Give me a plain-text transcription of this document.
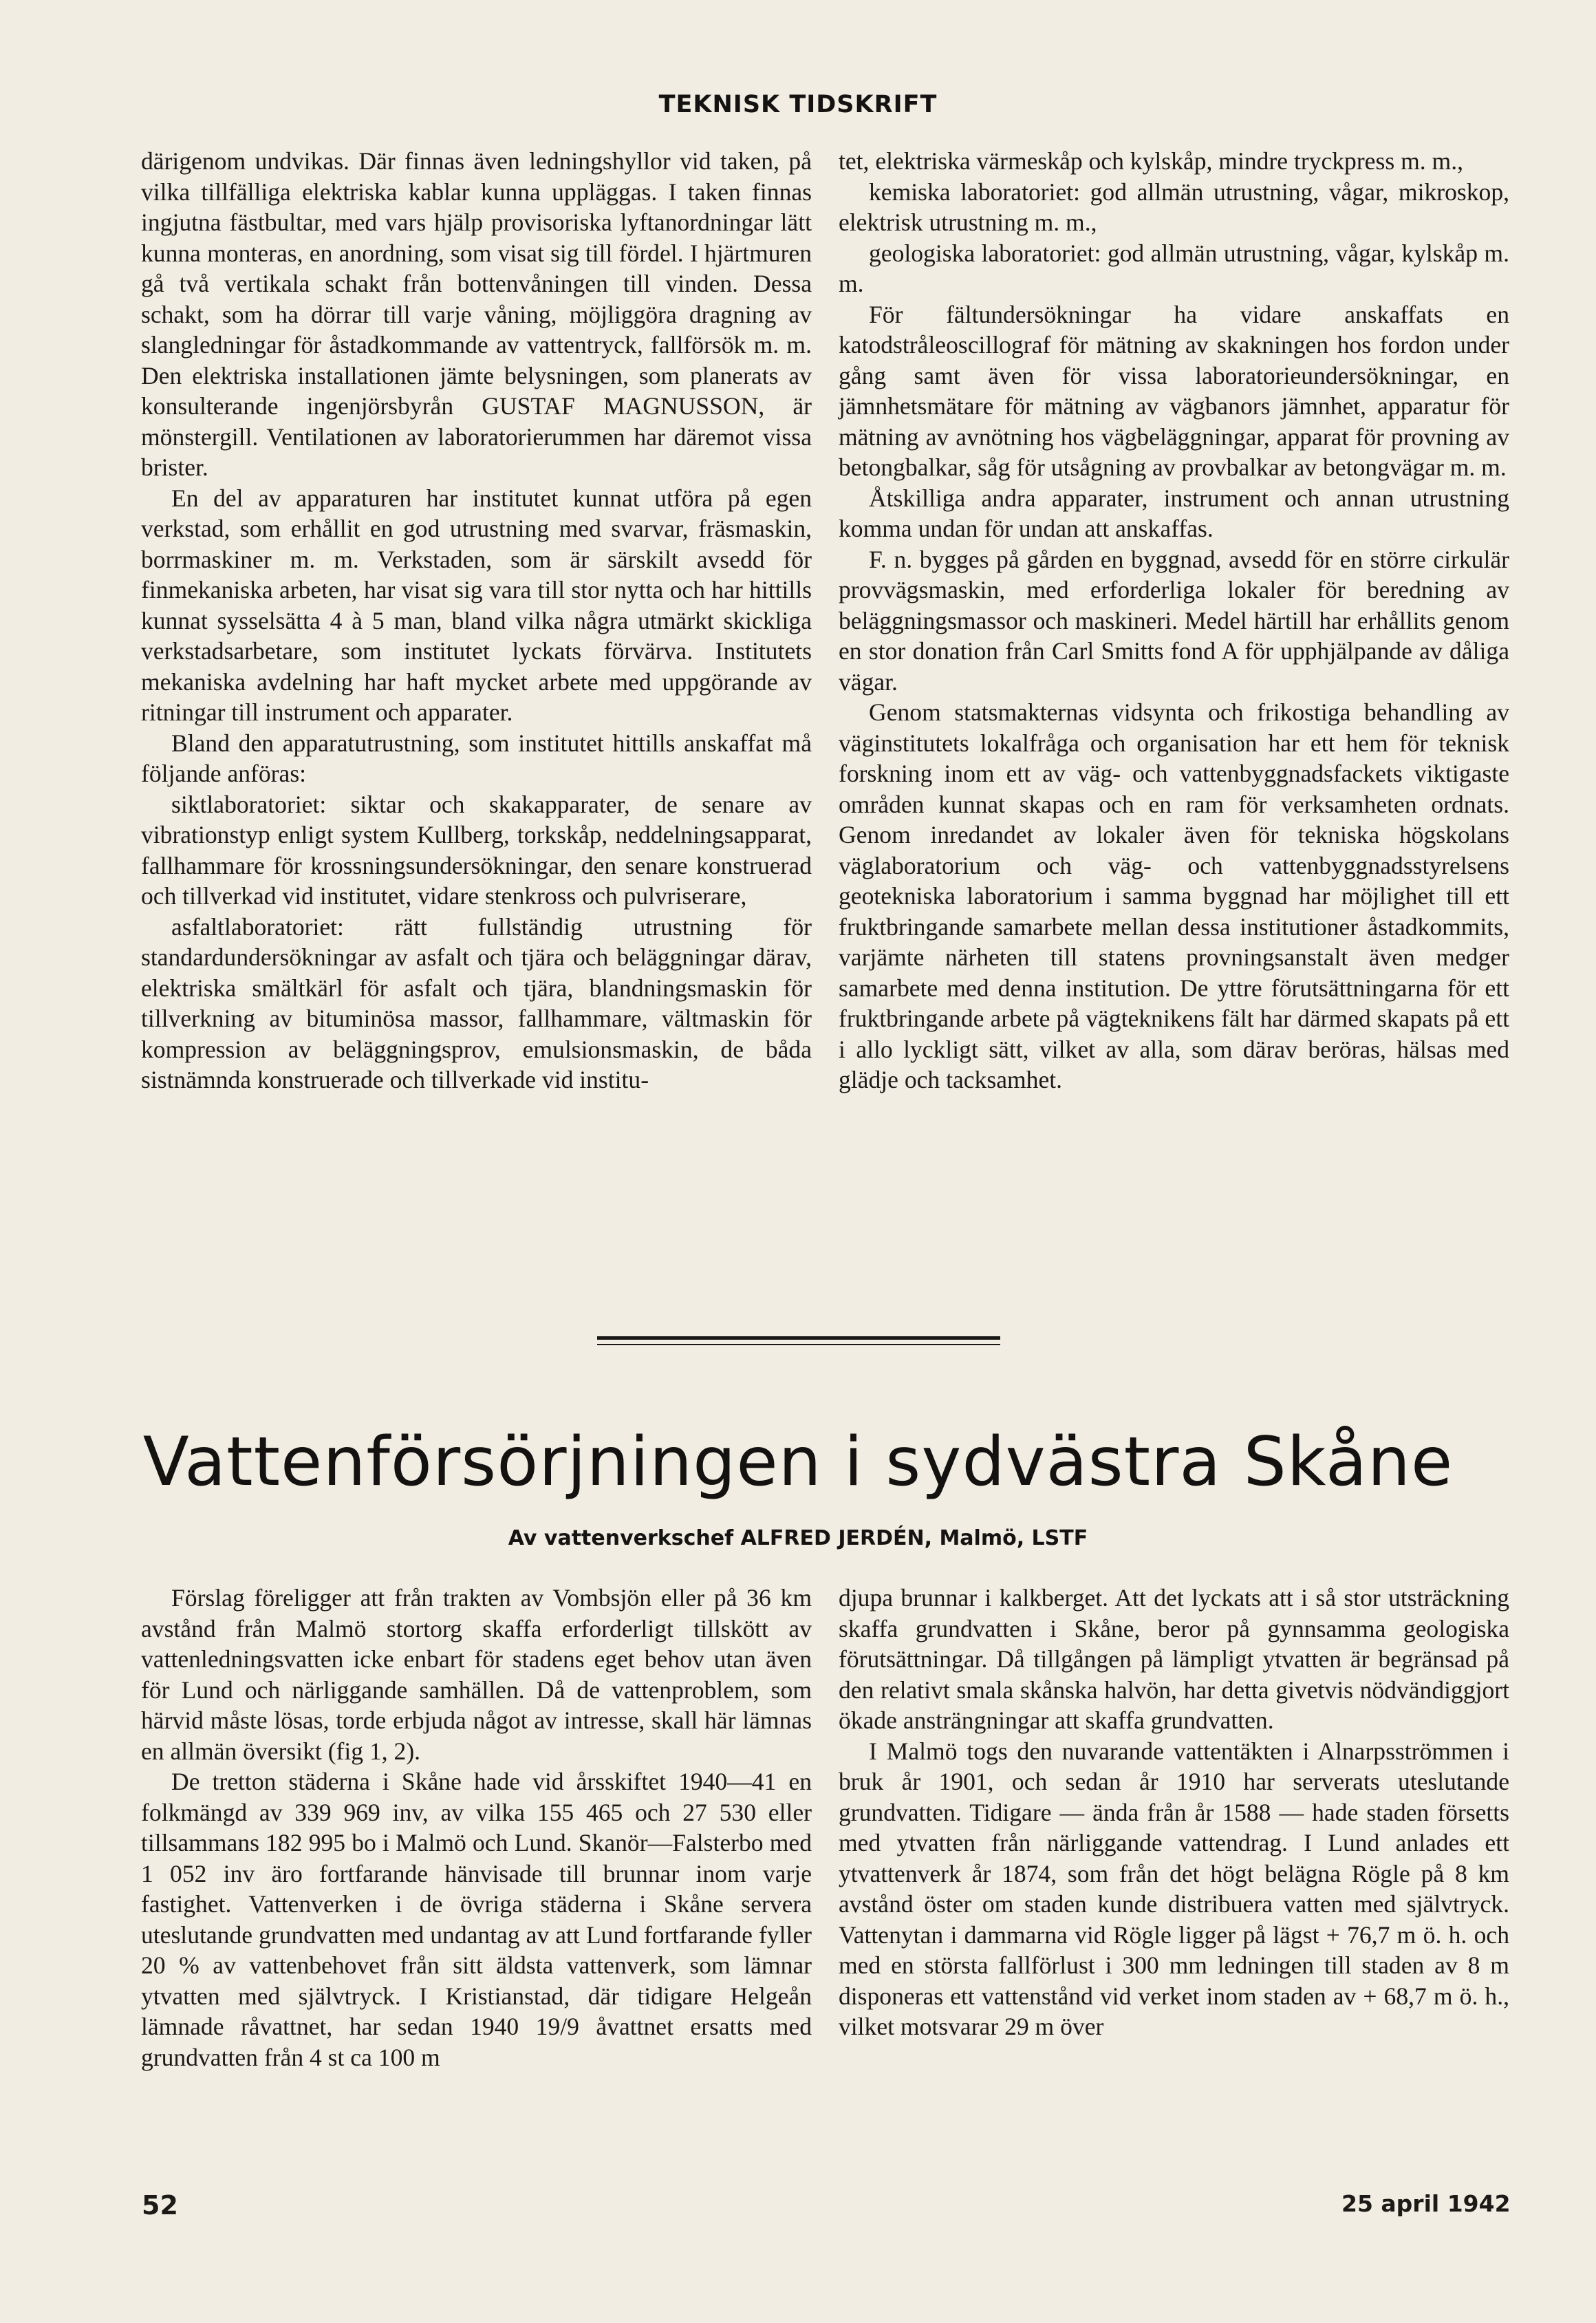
TEKNISK TIDSKRIFT

därigenom undvikas. Där finnas även ledningshyllor vid taken, på vilka tillfälliga elektriska kablar kunna uppläggas. I taken finnas ingjutna fästbultar, med vars hjälp provisoriska lyftanordningar lätt kunna monteras, en anordning, som visat sig till fördel. I hjärtmuren gå två vertikala schakt från bottenvåningen till vinden. Dessa schakt, som ha dörrar till varje våning, möjliggöra dragning av slangledningar för åstadkommande av vattentryck, fallförsök m. m. Den elektriska installationen jämte belysningen, som planerats av konsulterande ingenjörsbyrån GUSTAF MAGNUSSON, är mönstergill. Ventilationen av laboratorierummen har däremot vissa brister.

En del av apparaturen har institutet kunnat utföra på egen verkstad, som erhållit en god utrustning med svarvar, fräsmaskin, borrmaskiner m. m. Verkstaden, som är särskilt avsedd för finmekaniska arbeten, har visat sig vara till stor nytta och har hittills kunnat sysselsätta 4 à 5 man, bland vilka några utmärkt skickliga verkstadsarbetare, som institutet lyckats förvärva. Institutets mekaniska avdelning har haft mycket arbete med uppgörande av ritningar till instrument och apparater.

Bland den apparatutrustning, som institutet hittills anskaffat må följande anföras:

siktlaboratoriet: siktar och skakapparater, de senare av vibrationstyp enligt system Kullberg, torkskåp, neddelningsapparat, fallhammare för krossningsundersökningar, den senare konstruerad och tillverkad vid institutet, vidare stenkross och pulvriserare,

asfaltlaboratoriet: rätt fullständig utrustning för standardundersökningar av asfalt och tjära och beläggningar därav, elektriska smältkärl för asfalt och tjära, blandningsmaskin för tillverkning av bituminösa massor, fallhammare, vältmaskin för kompression av beläggningsprov, emulsionsmaskin, de båda sistnämnda konstruerade och tillverkade vid institu-

tet, elektriska värmeskåp och kylskåp, mindre tryckpress m. m.,

kemiska laboratoriet: god allmän utrustning, vågar, mikroskop, elektrisk utrustning m. m.,

geologiska laboratoriet: god allmän utrustning, vågar, kylskåp m. m.

För fältundersökningar ha vidare anskaffats en katodstråleoscillograf för mätning av skakningen hos fordon under gång samt även för vissa laboratorieundersökningar, en jämnhetsmätare för mätning av vägbanors jämnhet, apparatur för mätning av avnötning hos vägbeläggningar, apparat för provning av betongbalkar, såg för utsågning av provbalkar av betongvägar m. m.

Åtskilliga andra apparater, instrument och annan utrustning komma undan för undan att anskaffas.

F. n. bygges på gården en byggnad, avsedd för en större cirkulär provvägsmaskin, med erforderliga lokaler för beredning av beläggningsmassor och maskineri. Medel härtill har erhållits genom en stor donation från Carl Smitts fond A för upphjälpande av dåliga vägar.

Genom statsmakternas vidsynta och frikostiga behandling av väginstitutets lokalfråga och organisation har ett hem för teknisk forskning inom ett av väg- och vattenbyggnadsfackets viktigaste områden kunnat skapas och en ram för verksamheten ordnats. Genom inredandet av lokaler även för tekniska högskolans väglaboratorium och väg- och vattenbyggnadsstyrelsens geotekniska laboratorium i samma byggnad har möjlighet till ett fruktbringande samarbete mellan dessa institutioner åstadkommits, varjämte närheten till statens provningsanstalt även medger samarbete med denna institution. De yttre förutsättningarna för ett fruktbringande arbete på vägteknikens fält har därmed skapats på ett i allo lyckligt sätt, vilket av alla, som därav beröras, hälsas med glädje och tacksamhet.

Vattenförsörjningen i sydvästra Skåne
Av vattenverkschef ALFRED JERDÉN, Malmö, LSTF

Förslag föreligger att från trakten av Vombsjön eller på 36 km avstånd från Malmö stortorg skaffa erforderligt tillskött av vattenledningsvatten icke enbart för stadens eget behov utan även för Lund och närliggande samhällen. Då de vattenproblem, som härvid måste lösas, torde erbjuda något av intresse, skall här lämnas en allmän översikt (fig 1, 2).

De tretton städerna i Skåne hade vid årsskiftet 1940—41 en folkmängd av 339 969 inv, av vilka 155 465 och 27 530 eller tillsammans 182 995 bo i Malmö och Lund. Skanör—Falsterbo med 1 052 inv äro fortfarande hänvisade till brunnar inom varje fastighet. Vattenverken i de övriga städerna i Skåne servera uteslutande grundvatten med undantag av att Lund fortfarande fyller 20 % av vattenbehovet från sitt äldsta vattenverk, som lämnar ytvatten med självtryck. I Kristianstad, där tidigare Helgeån lämnade råvattnet, har sedan 1940 19/9 åvattnet ersatts med grundvatten från 4 st ca 100 m

djupa brunnar i kalkberget. Att det lyckats att i så stor utsträckning skaffa grundvatten i Skåne, beror på gynnsamma geologiska förutsättningar. Då tillgången på lämpligt ytvatten är begränsad på den relativt smala skånska halvön, har detta givetvis nödvändiggjort ökade ansträngningar att skaffa grundvatten.

I Malmö togs den nuvarande vattentäkten i Alnarpsströmmen i bruk år 1901, och sedan år 1910 har serverats uteslutande grundvatten. Tidigare — ända från år 1588 — hade staden försetts med ytvatten från närliggande vattendrag. I Lund anlades ett ytvattenverk år 1874, som från det högt belägna Rögle på 8 km avstånd öster om staden kunde distribuera vatten med självtryck. Vattenytan i dammarna vid Rögle ligger på lägst + 76,7 m ö. h. och med en största fallförlust i 300 mm ledningen till staden av 8 m disponeras ett vattenstånd vid verket inom staden av + 68,7 m ö. h., vilket motsvarar 29 m över

52	25 april 1942
